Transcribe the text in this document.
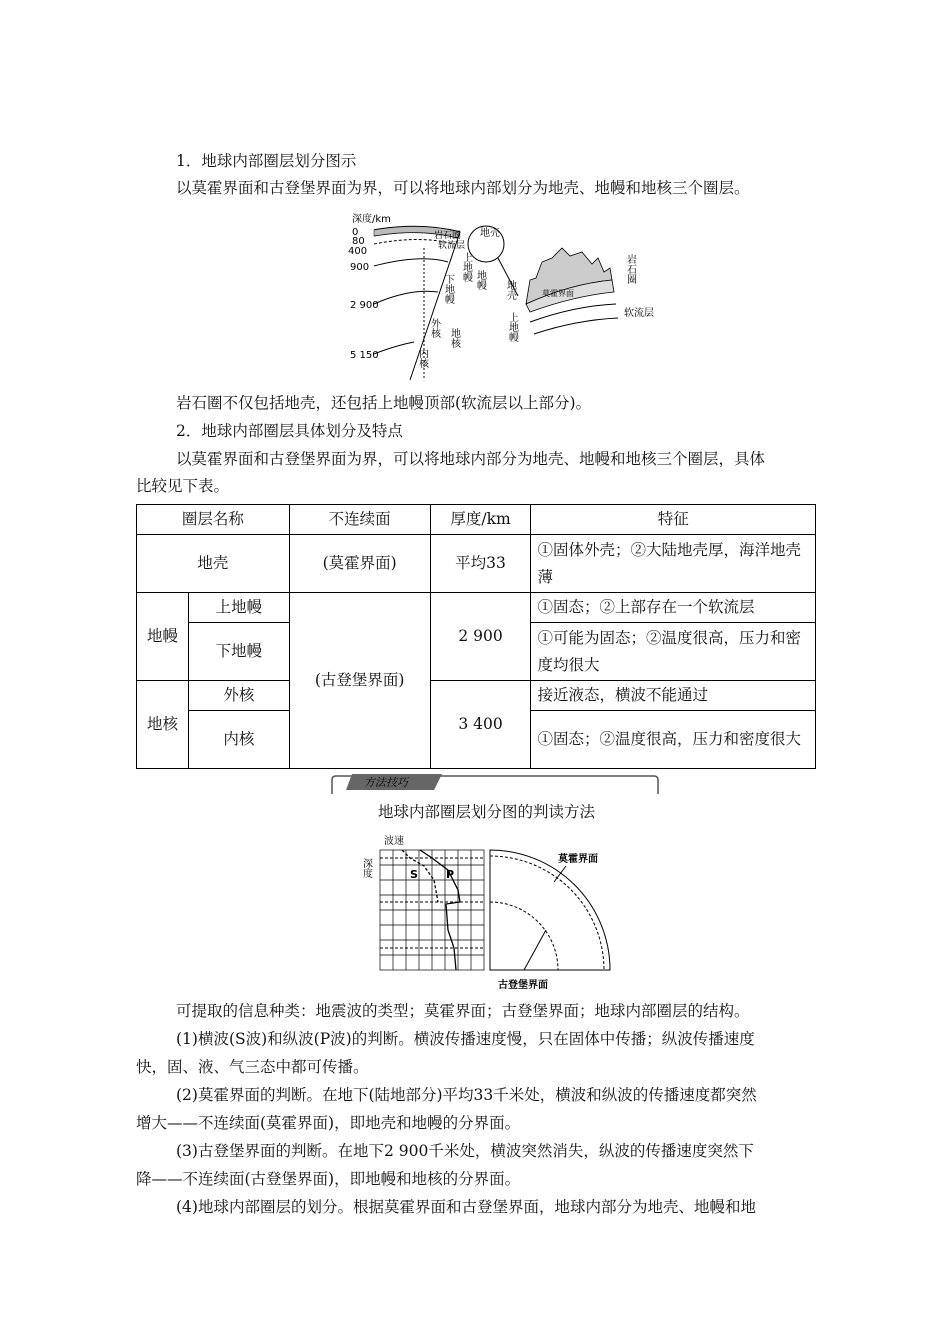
1．地球内部圈层划分图示
以莫霍界面和古登堡界面为界，可以将地球内部划分为地壳、地幔和地核三个圈层。
深度/km
0
80
400
900
2 900
5 150
岩石圈
软流层
下地幔
外核
内核
上地幔 地幔
地核
地壳
莫霍界面
地壳
上地幔
岩石圈
软流层
岩石圈不仅包括地壳，还包括上地幔顶部(软流层以上部分)。
2．地球内部圈层具体划分及特点
以莫霍界面和古登堡界面为界，可以将地球内部分为地壳、地幔和地核三个圈层，具体
比较见下表。
圈层名称		不连续面	厚度/km	特征
地壳		(莫霍界面)	平均33	①固体外壳；②大陆地壳厚，海洋地壳薄
地幔	上地幔	(古登堡界面)	2 900	①固态；②上部存在一个软流层
	下地幔			①可能为固态；②温度很高，压力和密度均很大
地核	外核		3 400	接近液态，横波不能通过
	内核			①固态；②温度很高，压力和密度很大
方法技巧
地球内部圈层划分图的判读方法
波速
深度	S	P
莫霍界面
古登堡界面
可提取的信息种类：地震波的类型；莫霍界面；古登堡界面；地球内部圈层的结构。
(1)横波(S波)和纵波(P波)的判断。横波传播速度慢，只在固体中传播；纵波传播速度
快，固、液、气三态中都可传播。
(2)莫霍界面的判断。在地下(陆地部分)平均33千米处，横波和纵波的传播速度都突然
增大——不连续面(莫霍界面)，即地壳和地幔的分界面。
(3)古登堡界面的判断。在地下2 900千米处，横波突然消失，纵波的传播速度突然下
降——不连续面(古登堡界面)，即地幔和地核的分界面。
(4)地球内部圈层的划分。根据莫霍界面和古登堡界面，地球内部分为地壳、地幔和地
